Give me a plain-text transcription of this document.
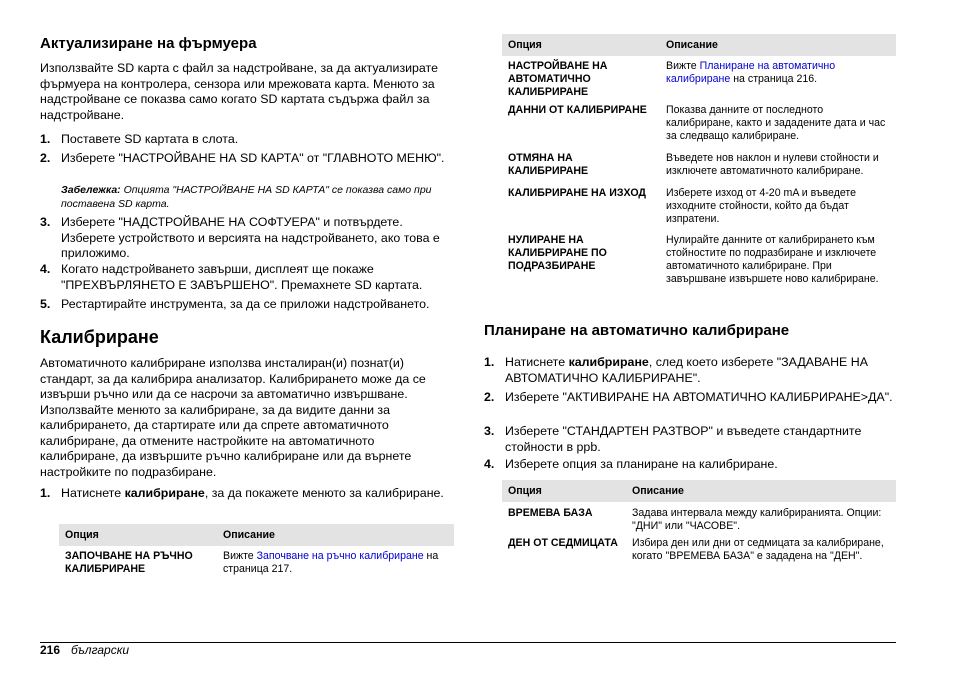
Актуализиране на фърмуера
Използвайте SD карта с файл за надстройване, за да актуализирате фърмуера на контролера, сензора или мрежовата карта. Менюто за надстройване се показва само когато SD картата съдържа файл за надстройване.
1. Поставете SD картата в слота.
2. Изберете "НАСТРОЙВАНЕ НА SD КАРТА" от "ГЛАВНОТО МЕНЮ".
Забележка: Опцията "НАСТРОЙВАНЕ НА SD КАРТА" се показва само при поставена SD карта.
3. Изберете "НАДСТРОЙВАНЕ НА СОФТУЕРА" и потвърдете. Изберете устройството и версията на надстройването, ако това е приложимо.
4. Когато надстройването завърши, дисплеят ще покаже "ПРЕХВЪРЛЯНЕТО Е ЗАВЪРШЕНО". Премахнете SD картата.
5. Рестартирайте инструмента, за да се приложи надстройването.
Калибриране
Автоматичното калибриране използва инсталиран(и) познат(и) стандарт, за да калибрира анализатор. Калибрирането може да се извърши ръчно или да се насрочи за автоматично извършване. Използвайте менюто за калибриране, за да видите данни за калибрирането, да стартирате или да спрете автоматичното калибриране, да отмените настройките на автоматичното калибриране, да извършите ръчно калибриране или да върнете настройките по подразбиране.
1. Натиснете калибриране, за да покажете менюто за калибриране.
Опция	Описание
ЗАПОЧВАНЕ НА РЪЧНО КАЛИБРИРАНЕ	Вижте Започване на ръчно калибриране на страница 217.
Опция	Описание
НАСТРОЙВАНЕ НА АВТОМАТИЧНО КАЛИБРИРАНЕ	Вижте Планиране на автоматично калибриране на страница 216.
ДАННИ ОТ КАЛИБРИРАНЕ	Показва данните от последното калибриране, както и зададените дата и час за следващо калибриране.
ОТМЯНА НА КАЛИБРИРАНЕ	Въведете нов наклон и нулеви стойности и изключете автоматичното калибриране.
КАЛИБРИРАНЕ НА ИЗХОД	Изберете изход от 4-20 mA и въведете изходните стойности, който да бъдат изпратени.
НУЛИРАНЕ НА КАЛИБРИРАНЕ ПО ПОДРАЗБИРАНЕ	Нулирайте данните от калибрирането към стойностите по подразбиране и изключете автоматичното калибриране. При завършване извършете ново калибриране.
Планиране на автоматично калибриране
1. Натиснете калибриране, след което изберете "ЗАДАВАНЕ НА АВТОМАТИЧНО КАЛИБРИРАНЕ".
2. Изберете "АКТИВИРАНЕ НА АВТОМАТИЧНО КАЛИБРИРАНЕ>ДА".
3. Изберете "СТАНДАРТЕН РАЗТВОР" и въведете стандартните стойности в ppb.
4. Изберете опция за планиране на калибриране.
Опция	Описание
ВРЕМЕВА БАЗА	Задава интервала между калибриранията. Опции: "ДНИ" или "ЧАСОВЕ".
ДЕН ОТ СЕДМИЦАТА	Избира ден или дни от седмицата за калибриране, когато "ВРЕМЕВА БАЗА" е зададена на "ДЕН".
216 български
